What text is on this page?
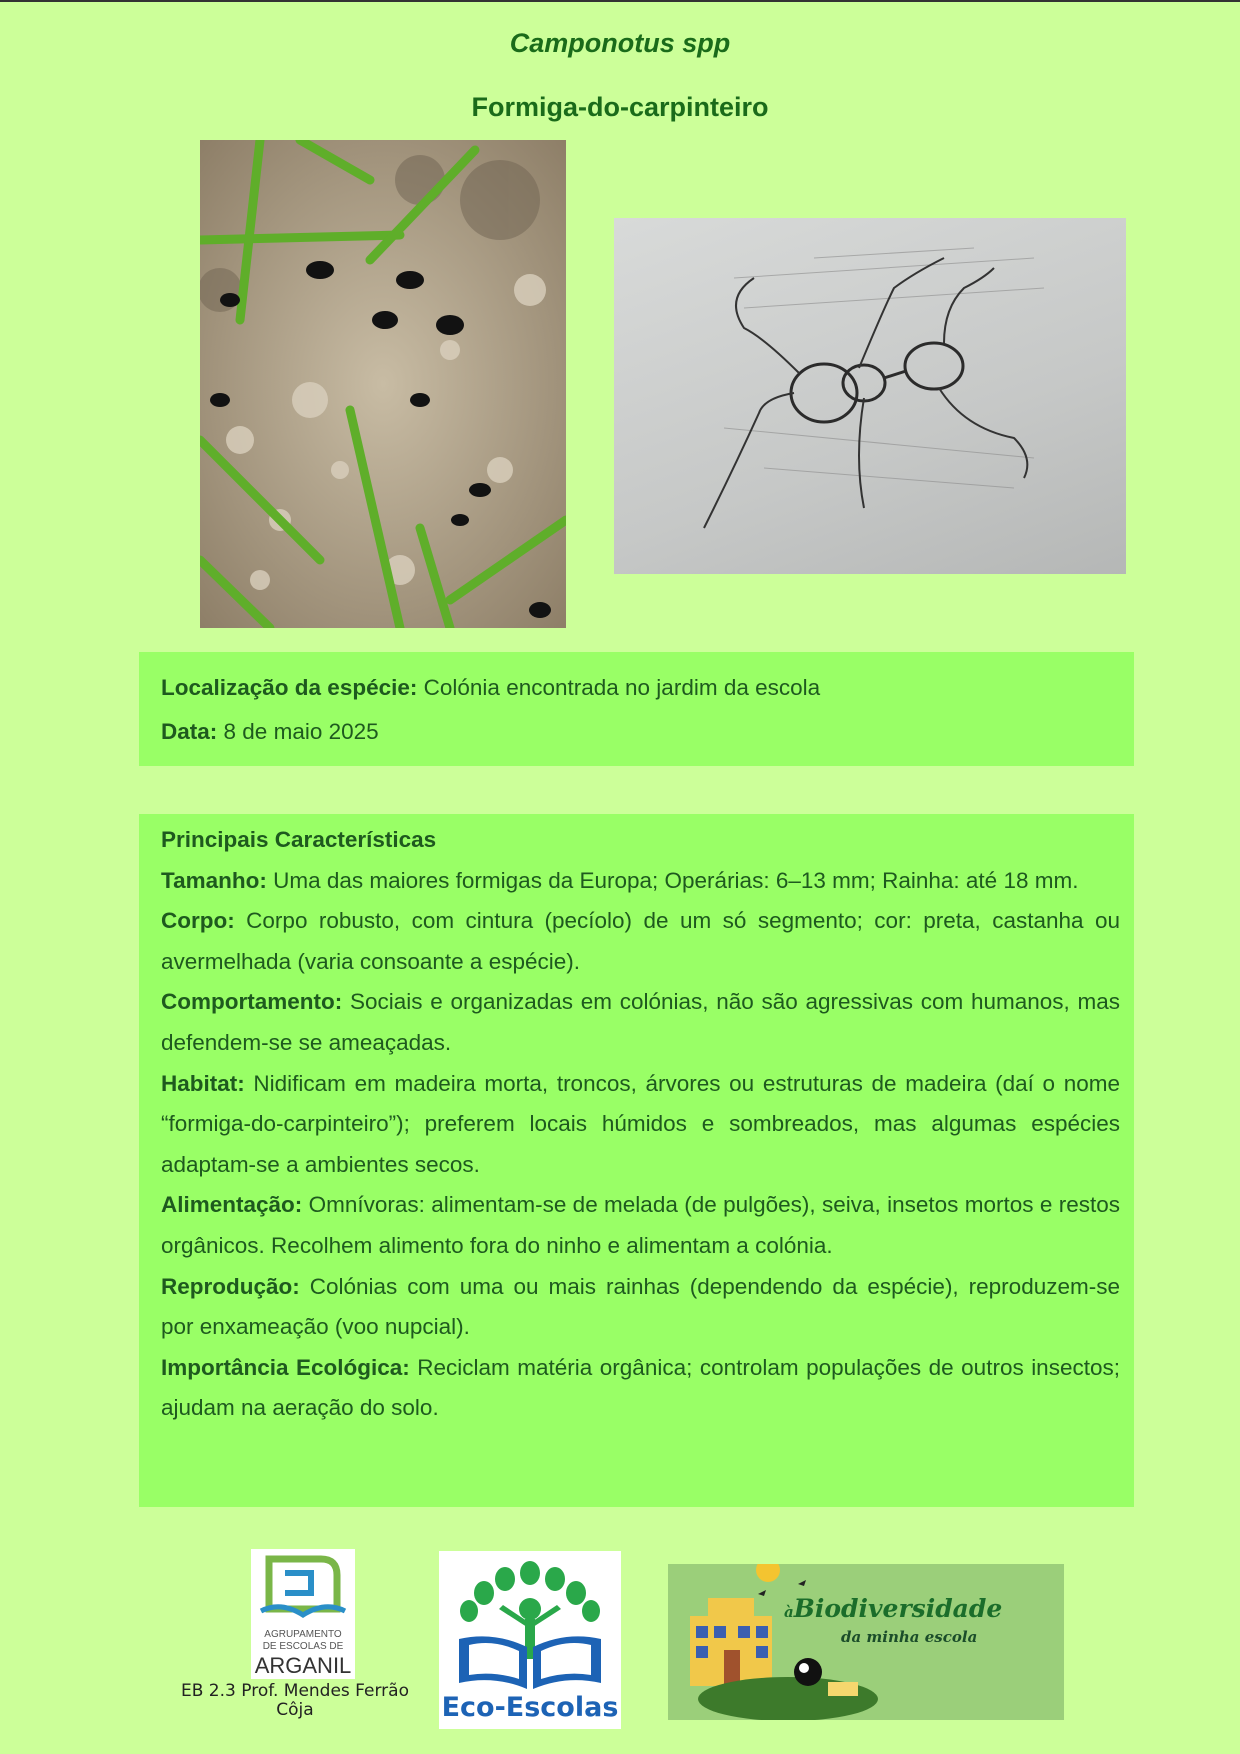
Camponotus spp
Formiga-do-carpinteiro
Localização da espécie: Colónia encontrada no jardim da escola
Data: 8 de maio 2025

Principais Características

Tamanho: Uma das maiores formigas da Europa; Operárias: 6–13 mm; Rainha: até 18 mm.

Corpo: Corpo robusto, com cintura (pecíolo) de um só segmento; cor: preta, castanha ou avermelhada (varia consoante a espécie).

Comportamento: Sociais e organizadas em colónias, não são agressivas com humanos, mas defendem-se se ameaçadas.

Habitat: Nidificam em madeira morta, troncos, árvores ou estruturas de madeira (daí o nome “formiga-do-carpinteiro”); preferem locais húmidos e sombreados, mas algumas espécies adaptam-se a ambientes secos.

Alimentação: Omnívoras: alimentam-se de melada (de pulgões), seiva, insetos mortos e restos orgânicos. Recolhem alimento fora do ninho e alimentam a colónia.

Reprodução: Colónias com uma ou mais rainhas (dependendo da espécie), reproduzem-se por enxameação (voo nupcial).

Importância Ecológica: Reciclam matéria orgânica; controlam populações de outros insectos; ajudam na aeração do solo.

AGRUPAMENTO
DE ESCOLAS DE
ARGANIL
EB 2.3 Prof. Mendes Ferrão
Côja	Eco-Escolas
àBiodiversidade
da minha escola
